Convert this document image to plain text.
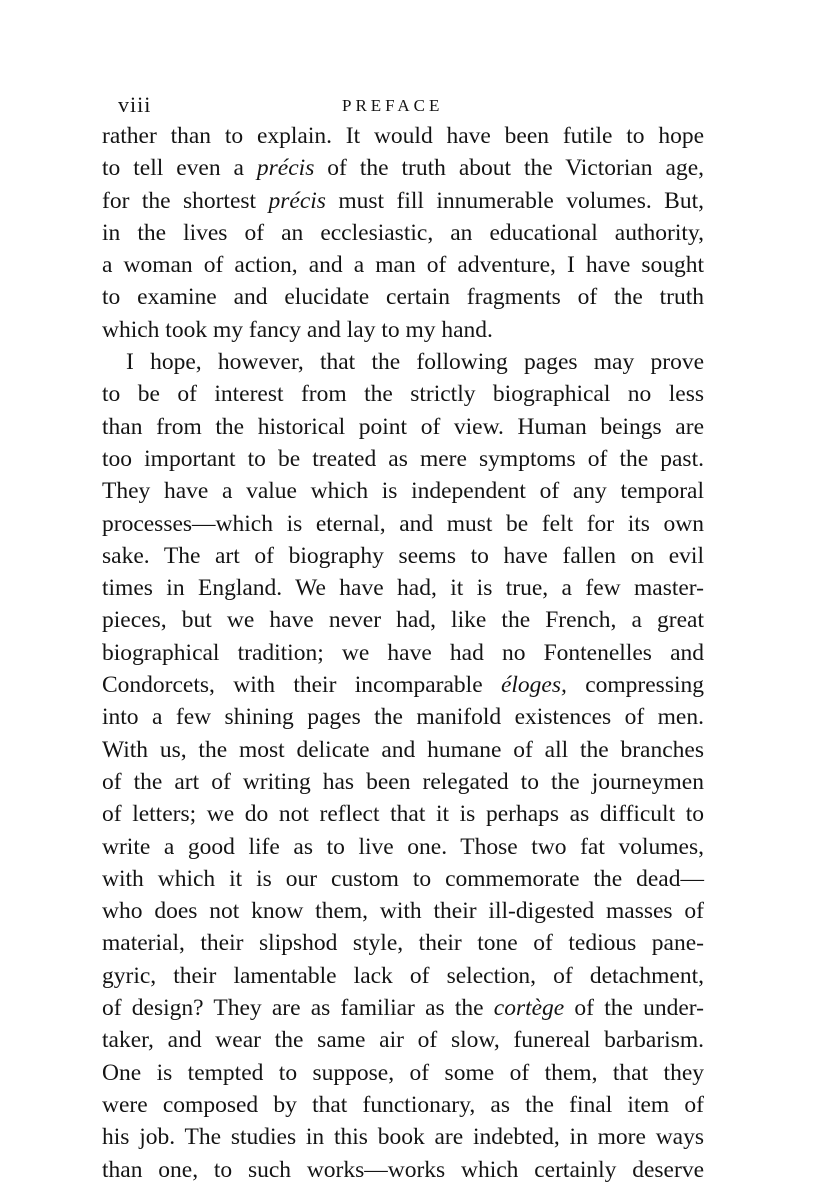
viii	PREFACE
rather than to explain. It would have been futile to hope
to tell even a précis of the truth about the Victorian age,
for the shortest précis must fill innumerable volumes. But,
in the lives of an ecclesiastic, an educational authority,
a woman of action, and a man of adventure, I have sought
to examine and elucidate certain fragments of the truth
which took my fancy and lay to my hand.
I hope, however, that the following pages may prove
to be of interest from the strictly biographical no less
than from the historical point of view. Human beings are
too important to be treated as mere symptoms of the past.
They have a value which is independent of any temporal
processes—which is eternal, and must be felt for its own
sake. The art of biography seems to have fallen on evil
times in England. We have had, it is true, a few master-
pieces, but we have never had, like the French, a great
biographical tradition; we have had no Fontenelles and
Condorcets, with their incomparable éloges, compressing
into a few shining pages the manifold existences of men.
With us, the most delicate and humane of all the branches
of the art of writing has been relegated to the journeymen
of letters; we do not reflect that it is perhaps as difficult to
write a good life as to live one. Those two fat volumes,
with which it is our custom to commemorate the dead—
who does not know them, with their ill-digested masses of
material, their slipshod style, their tone of tedious pane-
gyric, their lamentable lack of selection, of detachment,
of design? They are as familiar as the cortège of the under-
taker, and wear the same air of slow, funereal barbarism.
One is tempted to suppose, of some of them, that they
were composed by that functionary, as the final item of
his job. The studies in this book are indebted, in more ways
than one, to such works—works which certainly deserve
